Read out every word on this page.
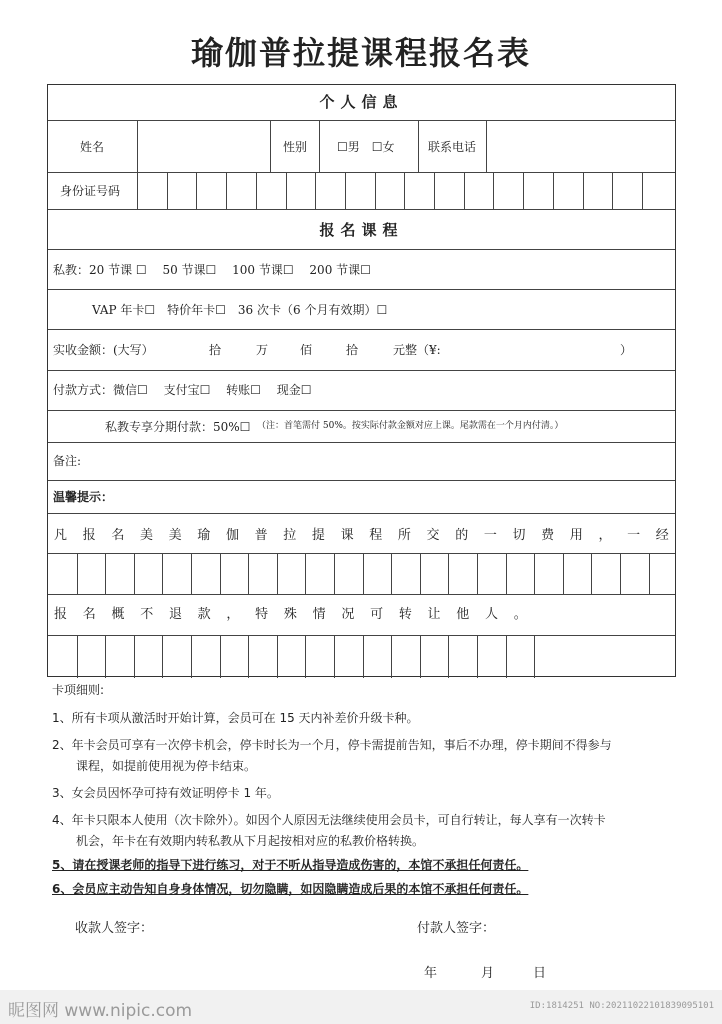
瑜伽普拉提课程报名表
个人信息
姓名	性别 ☐男　☐女	联系电话
身份证号码
报名课程
私教：20 节课 ☐　 50 节课☐　 100 节课☐　 200 节课☐
VAP 年卡☐　特价年卡☐　36 次卡（6 个月有效期）☐
实收金额：(大写）	拾	万	佰	拾	元整（¥:	）
付款方式：微信☐　 支付宝☐　 转账☐　 现金☐
私教专享分期付款：50%☐ （注：首笔需付 50%。按实际付款金额对应上课。尾款需在一个月内付清。）
备注:
温馨提示：
凡 报 名 美 美 瑜 伽 普 拉 提 课 程 所 交 的 一 切 费 用 ， 一 经
报 名 概 不 退 款 ， 特 殊 情 况 可 转 让 他 人 。
卡项细则:
1、所有卡项从激活时开始计算，会员可在 15 天内补差价升级卡种。
2、年卡会员可享有一次停卡机会，停卡时长为一个月，停卡需提前告知，事后不办理，停卡期间不得参与
　　课程，如提前使用视为停卡结束。
3、女会员因怀孕可持有效证明停卡 1 年。
4、年卡只限本人使用（次卡除外）。如因个人原因无法继续使用会员卡，可自行转让，每人享有一次转卡
　　机会，年卡在有效期内转私教从下月起按相对应的私教价格转换。
5、请在授课老师的指导下进行练习，对于不听从指导造成伤害的，本馆不承担任何责任。
6、会员应主动告知自身身体情况，切勿隐瞒，如因隐瞒造成后果的本馆不承担任何责任。
收款人签字：	付款人签字：
年	月	日
昵图网 www.nipic.com	ID:1814251 NO:20211022101839095101
